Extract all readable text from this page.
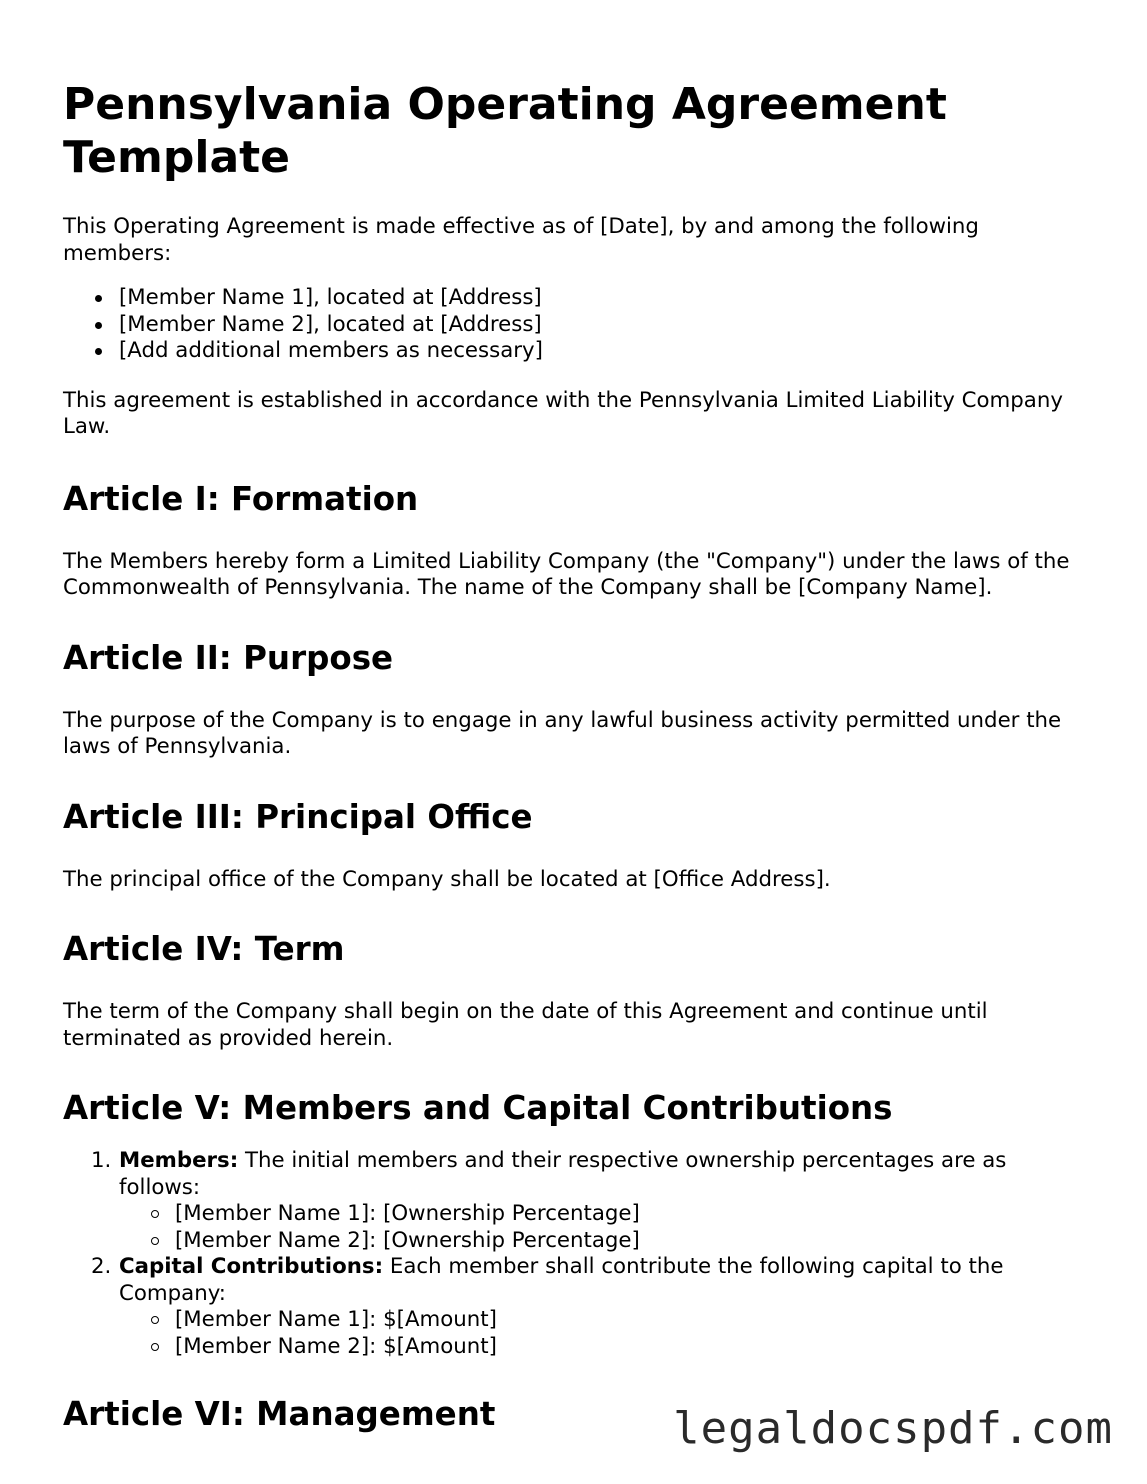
Pennsylvania Operating Agreement Template

This Operating Agreement is made effective as of [Date], by and among the following members:

[Member Name 1], located at [Address]
[Member Name 2], located at [Address]
[Add additional members as necessary]

This agreement is established in accordance with the Pennsylvania Limited Liability Company Law.

Article I: Formation

The Members hereby form a Limited Liability Company (the "Company") under the laws of the Commonwealth of Pennsylvania. The name of the Company shall be [Company Name].

Article II: Purpose

The purpose of the Company is to engage in any lawful business activity permitted under the laws of Pennsylvania.

Article III: Principal Office

The principal office of the Company shall be located at [Office Address].

Article IV: Term

The term of the Company shall begin on the date of this Agreement and continue until terminated as provided herein.

Article V: Members and Capital Contributions
1. Members: The initial members and their respective ownership percentages are as follows:
[Member Name 1]: [Ownership Percentage]
[Member Name 2]: [Ownership Percentage]
2. Capital Contributions: Each member shall contribute the following capital to the Company:
[Member Name 1]: $[Amount]
[Member Name 2]: $[Amount]
Article VI: Management	legaldocspdf.com
